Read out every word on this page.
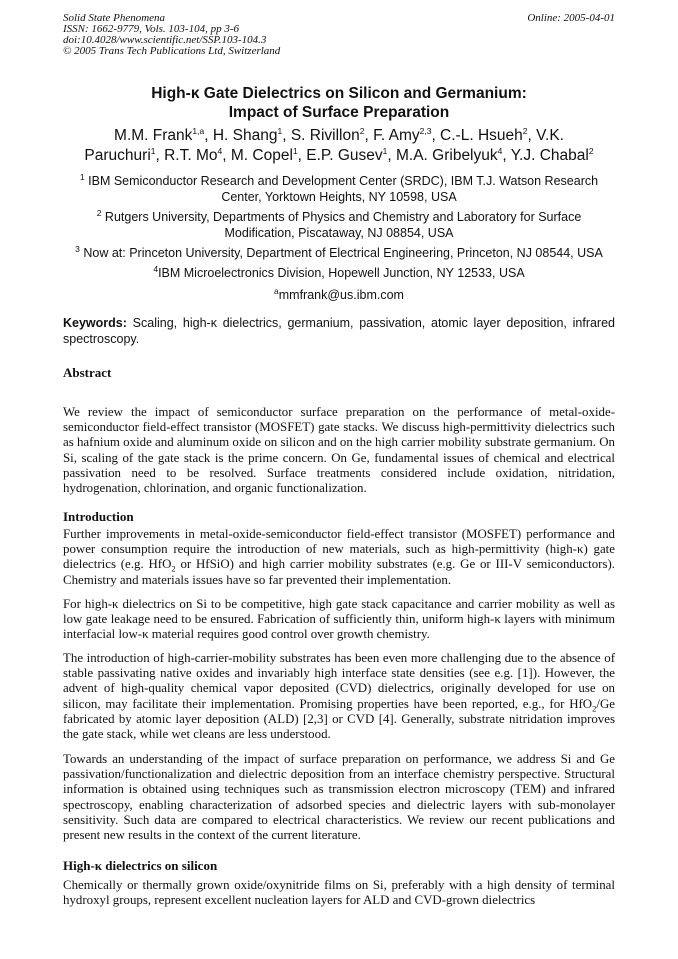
Solid State Phenomena
ISSN: 1662-9779, Vols. 103-104, pp 3-6
doi:10.4028/www.scientific.net/SSP.103-104.3
© 2005 Trans Tech Publications Ltd, Switzerland
Online: 2005-04-01
High-κ Gate Dielectrics on Silicon and Germanium:
Impact of Surface Preparation
M.M. Frank$^{1,a}$, H. Shang$^1$, S. Rivillon$^2$, F. Amy$^{2,3}$, C.-L. Hsueh$^2$, V.K.
Paruchuri$^1$, R.T. Mo$^4$, M. Copel$^1$, E.P. Gusev$^1$, M.A. Gribelyuk$^4$, Y.J. Chabal$^2$
$^1$ IBM Semiconductor Research and Development Center (SRDC), IBM T.J. Watson Research Center, Yorktown Heights, NY 10598, USA
$^2$ Rutgers University, Departments of Physics and Chemistry and Laboratory for Surface Modification, Piscataway, NJ 08854, USA
$^3$ Now at: Princeton University, Department of Electrical Engineering, Princeton, NJ 08544, USA
$^4$IBM Microelectronics Division, Hopewell Junction, NY 12533, USA
$^a$mmfrank@us.ibm.com
Keywords: Scaling, high-κ dielectrics, germanium, passivation, atomic layer deposition, infrared spectroscopy.
Abstract
We review the impact of semiconductor surface preparation on the performance of metal-oxide-semiconductor field-effect transistor (MOSFET) gate stacks. We discuss high-permittivity dielectrics such as hafnium oxide and aluminum oxide on silicon and on the high carrier mobility substrate germanium. On Si, scaling of the gate stack is the prime concern. On Ge, fundamental issues of chemical and electrical passivation need to be resolved. Surface treatments considered include oxidation, nitridation, hydrogenation, chlorination, and organic functionalization.
Introduction
Further improvements in metal-oxide-semiconductor field-effect transistor (MOSFET) performance and power consumption require the introduction of new materials, such as high-permittivity (high-κ) gate dielectrics (e.g. HfO$_2$ or HfSiO) and high carrier mobility substrates (e.g. Ge or III-V semiconductors). Chemistry and materials issues have so far prevented their implementation.
For high-κ dielectrics on Si to be competitive, high gate stack capacitance and carrier mobility as well as low gate leakage need to be ensured. Fabrication of sufficiently thin, uniform high-κ layers with minimum interfacial low-κ material requires good control over growth chemistry.
The introduction of high-carrier-mobility substrates has been even more challenging due to the absence of stable passivating native oxides and invariably high interface state densities (see e.g. [1]). However, the advent of high-quality chemical vapor deposited (CVD) dielectrics, originally developed for use on silicon, may facilitate their implementation. Promising properties have been reported, e.g., for HfO$_2$/Ge fabricated by atomic layer deposition (ALD) [2,3] or CVD [4]. Generally, substrate nitridation improves the gate stack, while wet cleans are less understood.
Towards an understanding of the impact of surface preparation on performance, we address Si and Ge passivation/functionalization and dielectric deposition from an interface chemistry perspective. Structural information is obtained using techniques such as transmission electron microscopy (TEM) and infrared spectroscopy, enabling characterization of adsorbed species and dielectric layers with sub-monolayer sensitivity. Such data are compared to electrical characteristics. We review our recent publications and present new results in the context of the current literature.
High-κ dielectrics on silicon
Chemically or thermally grown oxide/oxynitride films on Si, preferably with a high density of terminal hydroxyl groups, represent excellent nucleation layers for ALD and CVD-grown dielectrics
